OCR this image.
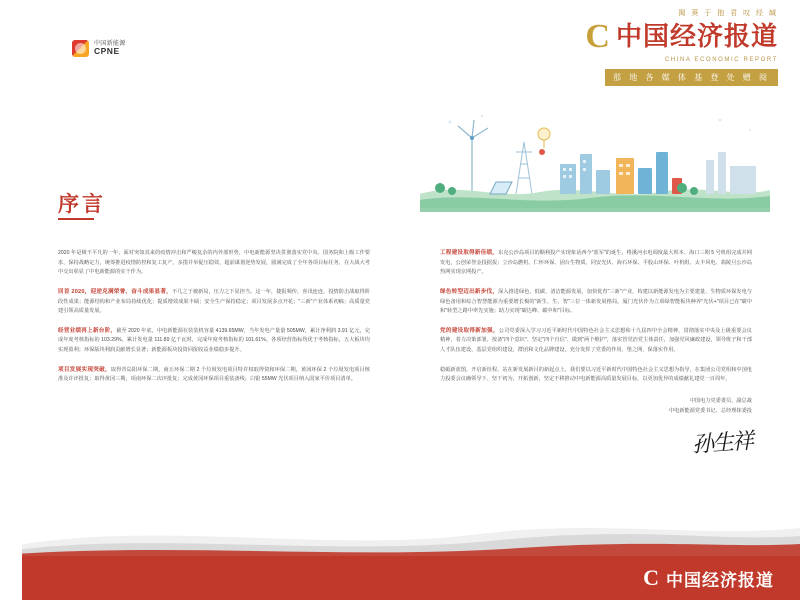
中国新能源
CPNE
揭 葵 于 抱 君 叹 经 缄
C 中国经济报道
CHINA ECONOMIC REPORT
那 地 各 媒 体 基 登 处 赠 阅
序言

2020 年是极不平凡的一年，面对突如其来的疫情冲击和严峻复杂的内外部形势，中电新能源坚决贯彻落实党中央、国务院和上级工作要求，保持战略定力，统筹推进疫情防控和复工复产，多措并举促压稳效，超前谋划逆势发展，圆满完成了全年各项目标任务，在大战大考中交出彰显了中电新能源的实干作为。

回首 2020，迎逆克满荣誉、奋斗成果显著，不几之于被新局，压力之下显担当。这一年，捷报频传，喜讯连连。投情防击战取得阶段性成果；能源结构和产业布局持续优化；提质增效成果丰硕；安全生产保持稳定；项目发展多点开花；"三新"产业体系初稿；高质量党建引领高质量发展。

经营业绩再上新台阶，截至 2020 年底，中电新能源在装装机容量 4139.65MW，当年发电产量量 505MW，累计净利润 3.91 亿元，完成年度考核指标的 103.29%。累计发电量 111.89 亿千瓦时，完成年度考核指标的 101.61%。各项经营指标均优于考核指标，五大板块均实现盈利；环保版块利润贡献增长显著；新能源板块投资回报收益业绩稳步提升。

项目发展实现突破，取得青岛阳环保二期，商丘环保二期 2 个垃圾发电项目特许权取得资和环保二期，黄冈环保 2 个垃圾发电项目核准及许评批复；取得黄冈三期，项南环保二次评批复；完成黄冈环保项目重装备线；白银 55MW 光伏项目纳入国家平价项目清单。

工程建设取得新佳绩，东克公沙岛项目的顺利投产实现象话西今"蓝军"的诞生，格溪河水电调度最大坝本、海口三期 5 号机组完成并网发电，公创荣誉金投据报；立沙岛燃机、仁怀环保、固台生物质、同安光伏、海石环保、平股山环保、叶机组、太丰风电、翡陵旦公沙岛热网实现京网投产。

绿色转型迈出新步伐，深入推进绿色、低碳、清洁能源发展，加快优育"三新"产业，构建以新能源发电为主要建量、生物质环保发电与绿色备用和综合智慧能源为重要增长极的"新生、生、智"三位一体新发展格局。厦门光伏作为立项绿智能板块种养"光伏+"项目已在"碳中和"转型之路中率先实施；助力实现"碳达峰、碳中和"目标。

党的建设取得新加强，公司党委深入学习习近平新时代中国特色社会主义思想和十九届四中全会精神，贯彻落实中央及上级重要会议精神，着力决策部署，按备"四个意识"、坚定"四个自信"、做到"两个维护"，落实管党治党主体责任，加强党风廉政建设，领导班子和干部人才队伍建设，基层党组织建设，群团和文化品牌建设，充分发挥了党委的作用、堡之网、保落实作用。

稳砥新蓝图，开启新征程。站在新发展新目的新起点上，我们要以习近平新时代中国特色社会主义思想为指导，在集团公司党组和中国电力投委会议确领导下、坚干初为，开拓创新，坚定不移推动中电新能源高质量发展目标，以更加优异的成绩献礼建党一百周年。

中国电力党委委员、副总裁
中电新能源党委书记、总经理抹委投
孙生祥
C 中国经济报道
